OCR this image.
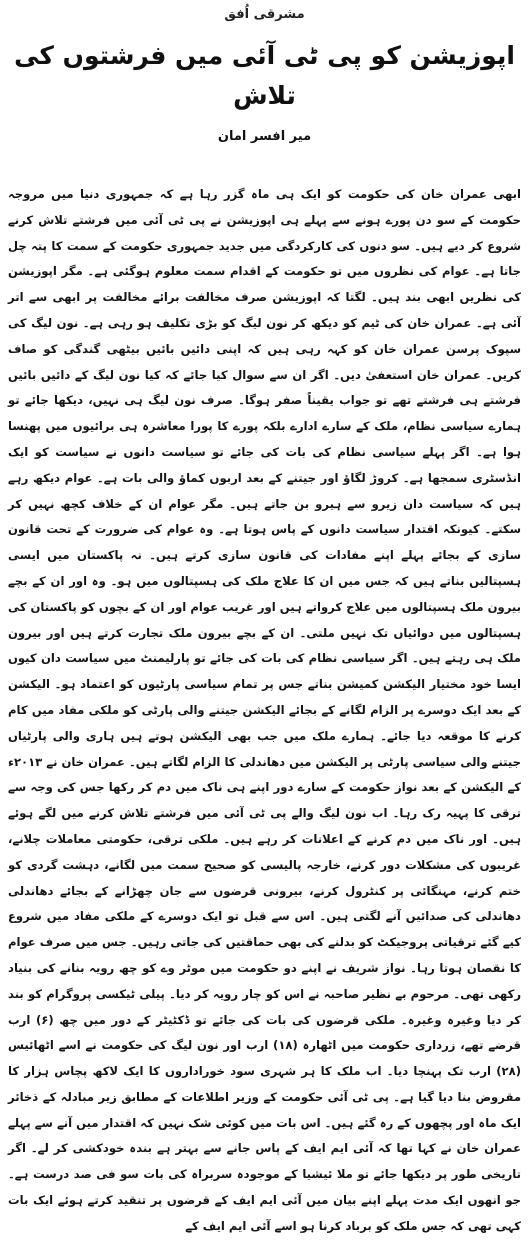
مشرقی اُفق
اپوزیشن کو پی ٹی آئی میں فرشتوں کی تلاش
میر افسر امان
ابھی عمران خان کی حکومت کو ایک ہی ماہ گزر رہا ہے کہ جمہوری دنیا میں مروجہ حکومت کے سو دن پورے ہونے سے پہلے ہی اپوزیشن نے پی ٹی آئی میں فرشتے تلاش کرنے شروع کر دیے ہیں۔ سو دنوں کی کارکردگی میں جدید جمہوری حکومت کے سمت کا پتہ چل جاتا ہے۔ عوام کی نظروں میں تو حکومت کے اقدام سمت معلوم ہوگئی ہے۔ مگر اپوزیشن کی نظریں ابھی بند ہیں۔ لگتا کہ اپوزیشن صرف مخالفت برائے مخالفت پر ابھی سے اتر آئی ہے۔ عمران خان کی ٹیم کو دیکھ کر نون لیگ کو بڑی تکلیف ہو رہی ہے۔ نون لیگ کی سپوک پرسن عمران خان کو کہہ رہی ہیں کہ اپنی دائیں بائیں بیٹھی گندگی کو صاف کریں۔ عمران خان استعفیٰ دیں۔ اگر ان سے سوال کیا جائے کہ کیا نون لیگ کے دائیں بائیں فرشتے ہی فرشتے تھے تو جواب یقیناً صفر ہوگا۔ صرف نون لیگ ہی نہیں، دیکھا جائے تو ہمارے سیاسی نظام، ملک کے سارے ادارے بلکہ پورے کا پورا معاشرہ ہی برائیوں میں پھنسا ہوا ہے۔ اگر پہلے سیاسی نظام کی بات کی جائے تو سیاست دانوں نے سیاست کو ایک انڈسٹری سمجھا ہے۔ کروڑ لگاؤ اور جیتنے کے بعد اربوں کماؤ والی بات ہے۔ عوام دیکھ رہے ہیں کہ سیاست دان زیرو سے ہیرو بن جاتے ہیں۔ مگر عوام ان کے خلاف کچھ نہیں کر سکتے۔ کیونکہ اقتدار سیاست دانوں کے پاس ہوتا ہے۔ وہ عوام کی ضرورت کے تحت قانون سازی کے بجائے پہلے اپنے مفادات کی قانون سازی کرتے ہیں۔ نہ پاکستان میں ایسی ہسپتالیں بناتے ہیں کہ جس میں ان کا علاج ملک کی ہسپتالوں میں ہو۔ وہ اور ان کے بچے بیرون ملک ہسپتالوں میں علاج کرواتے ہیں اور غریب عوام اور ان کے بچوں کو پاکستان کی ہسپتالوں میں دوائیاں تک نہیں ملتی۔ ان کے بچے بیرون ملک تجارت کرتے ہیں اور بیرون ملک ہی رہتے ہیں۔ اگر سیاسی نظام کی بات کی جائے تو پارلیمنٹ میں سیاست دان کیوں ایسا خود مختیار الیکشن کمیشن بناتے جس پر تمام سیاسی پارٹیوں کو اعتماد ہو۔ الیکشن کے بعد ایک دوسرے پر الزام لگانے کے بجائے الیکشن جیتنے والی پارٹی کو ملکی مفاد میں کام کرنے کا موقعہ دیا جائے۔ ہمارے ملک میں جب بھی الیکشن ہوتے ہیں ہاری والی پارٹیاں جیتنے والی سیاسی پارٹی پر الیکشن میں دھاندلی کا الزام لگاتے ہیں۔ عمران خان نے ۲۰۱۳ء کے الیکشن کے بعد نواز حکومت کے سارے دور اپنے ہی ناک میں دم کر رکھا جس کی وجہ سے ترقی کا پہیہ رک رہا۔ اب نون لیگ والے پی ٹی آئی میں فرشتے تلاش کرنے میں لگے ہوئے ہیں۔ اور ناک میں دم کرنے کے اعلانات کر رہے ہیں۔ ملکی ترقی، حکومتی معاملات چلانے، غریبوں کی مشکلات دور کرنے، خارجہ پالیسی کو صحیح سمت میں لگانے، دہشت گردی کو ختم کرنے، مہنگائی پر کنٹرول کرنے، بیرونی قرضوں سے جان چھڑانے کے بجائے دھاندلی دھاندلی کی صدائیں آنے لگتی ہیں۔ اس سے قبل تو ایک دوسرے کے ملکی مفاد میں شروع کیے گئے ترقیاتی پروجیکٹ کو بدلنے کی بھی حماقتیں کی جاتی رہیں۔ جس میں صرف عوام کا نقصان ہوتا رہا۔ نواز شریف نے اپنے دو حکومت میں موٹر وے کو چھ رویہ بنانے کی بنیاد رکھی تھی۔ مرحوم بے نظیر صاحبہ نے اس کو چار رویہ کر دیا۔ پیلی ٹیکسی پروگرام کو بند کر دیا وغیرہ وغیرہ۔ ملکی قرضوں کی بات کی جائے تو ڈکٹیٹر کے دور میں چھ (۶) ارب قرضے تھے، زرداری حکومت میں اٹھارہ (۱۸) ارب اور نون لیگ کی حکومت نے اسے اٹھائیس (۲۸) ارب تک پہنچا دیا۔ اب ملک کا ہر شہری سود خوراداروں کا ایک لاکھ پچاس ہزار کا مقروض بنا دیا گیا ہے۔ پی ٹی آئی حکومت کے وزیر اطلاعات کے مطابق زیر مبادلہ کے ذخائر ایک ماہ اور پچھوں کے رہ گئے ہیں۔ اس بات میں کوئی شک نہیں کہ اقتدار میں آنے سے پہلے عمران خان نے کہا تھا کہ آئی ایم ایف کے پاس جانے سے بہتر ہے بندہ خودکشی کر لے۔ اگر تاریخی طور پر دیکھا جائے تو ملا ئیشیا کے موجودہ سربراہ کی بات سو فی صد درست ہے۔ جو انھوں ایک مدت پہلے اپنے بیان میں آئی ایم ایف کے قرضوں پر تنقید کرتے ہوئے ایک بات کہی تھی کہ جس ملک کو برباد کرنا ہو اسے آئی ایم ایف کے
